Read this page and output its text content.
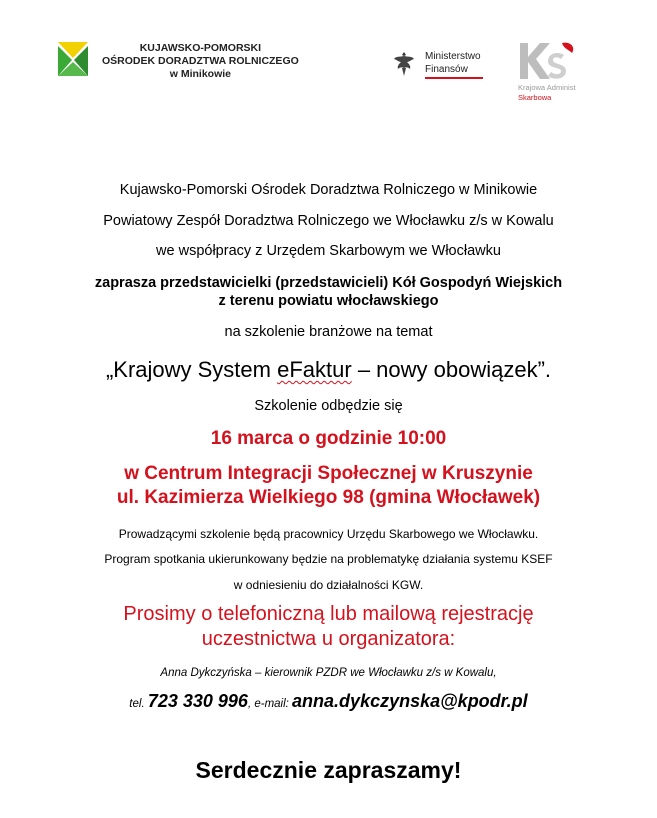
KUJAWSKO-POMORSKI
OŚRODEK DORADZTWA ROLNICZEGO
w Minikowie
Ministerstwo
Finansów
Krajowa Administ
Skarbowa
Kujawsko-Pomorski Ośrodek Doradztwa Rolniczego w Minikowie
Powiatowy Zespół Doradztwa Rolniczego we Włocławku z/s w Kowalu
we współpracy z Urzędem Skarbowym we Włocławku
zaprasza przedstawicielki (przedstawicieli) Kół Gospodyń Wiejskich
z terenu powiatu włocławskiego
na szkolenie branżowe na temat
„Krajowy System eFaktur – nowy obowiązek”.
Szkolenie odbędzie się
16 marca o godzinie 10:00
w Centrum Integracji Społecznej w Kruszynie
ul. Kazimierza Wielkiego 98 (gmina Włocławek)
Prowadzącymi szkolenie będą pracownicy Urzędu Skarbowego we Włocławku.
Program spotkania ukierunkowany będzie na problematykę działania systemu KSEF
w odniesieniu do działalności KGW.
Prosimy o telefoniczną lub mailową rejestrację
uczestnictwa u organizatora:
Anna Dykczyńska – kierownik PZDR we Włocławku z/s w Kowalu,
tel. 723 330 996, e-mail: anna.dykczynska@kpodr.pl
Serdecznie zapraszamy!
